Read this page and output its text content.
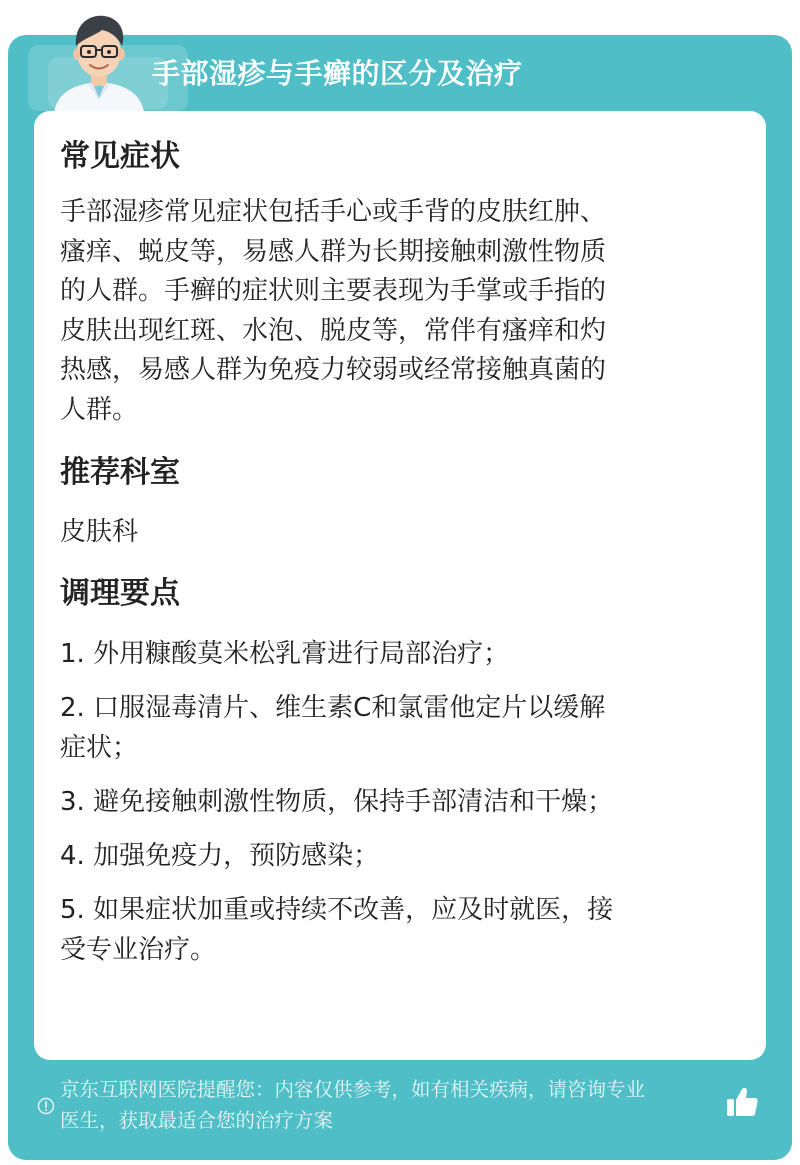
手部湿疹与手癣的区分及治疗
常见症状

手部湿疹常见症状包括手心或手背的皮肤红肿、

瘙痒、蜕皮等，易感人群为长期接触刺激性物质

的人群。手癣的症状则主要表现为手掌或手指的

皮肤出现红斑、水泡、脱皮等，常伴有瘙痒和灼

热感，易感人群为免疫力较弱或经常接触真菌的

人群。

推荐科室

皮肤科

调理要点

1. 外用糠酸莫米松乳膏进行局部治疗；

2. 口服湿毒清片、维生素C和氯雷他定片以缓解

症状；

3. 避免接触刺激性物质，保持手部清洁和干燥；

4. 加强免疫力，预防感染；

5. 如果症状加重或持续不改善，应及时就医，接

受专业治疗。

京东互联网医院提醒您：内容仅供参考，如有相关疾病，请咨询专业
医生，获取最适合您的治疗方案
